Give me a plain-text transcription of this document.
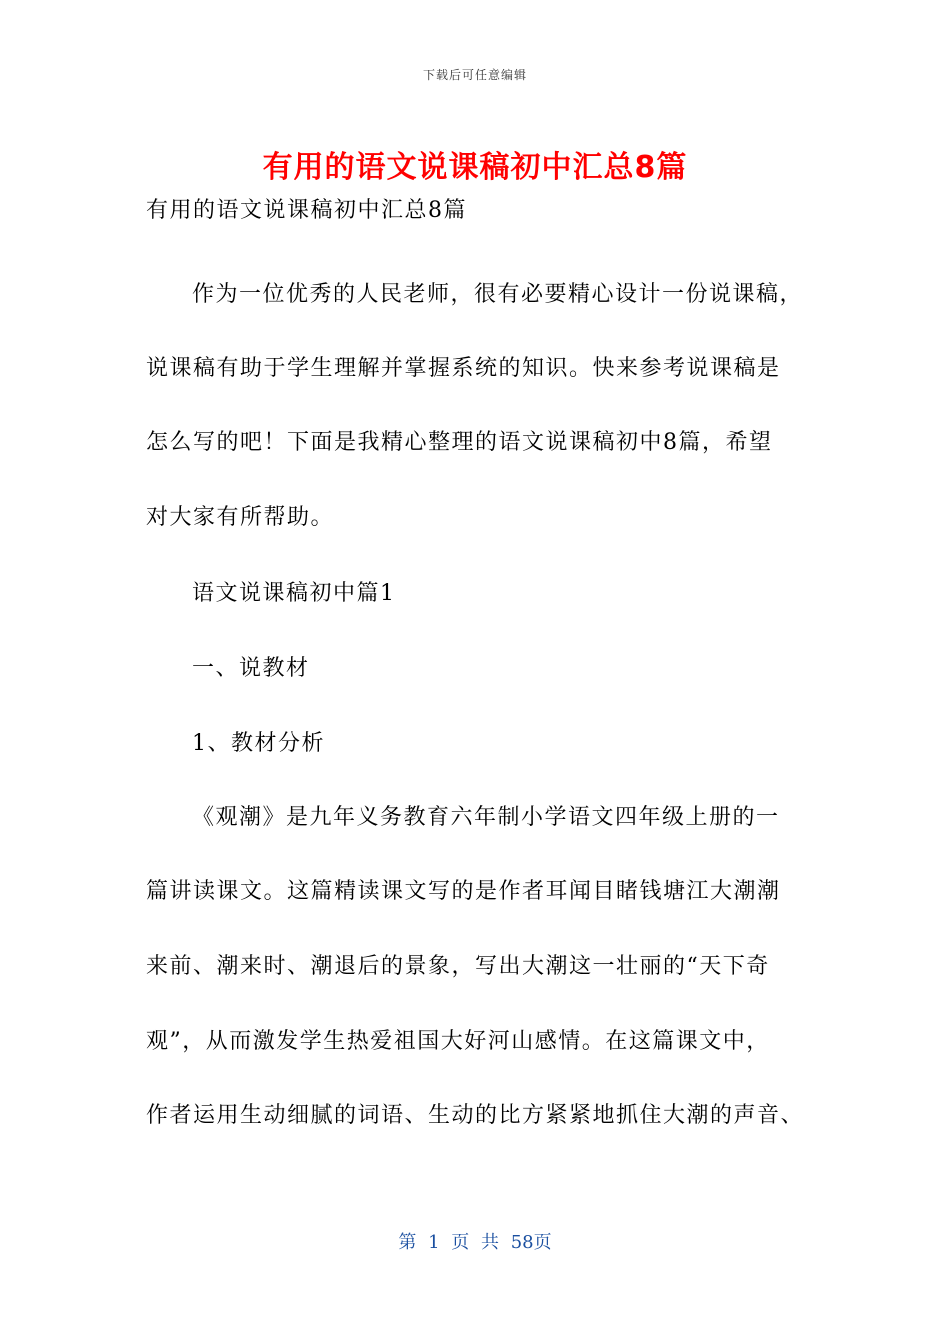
下载后可任意编辑
有用的语文说课稿初中汇总8篇
有用的语文说课稿初中汇总8篇
作为一位优秀的人民老师，很有必要精心设计一份说课稿，
说课稿有助于学生理解并掌握系统的知识。快来参考说课稿是
怎么写的吧！下面是我精心整理的语文说课稿初中8篇，希望
对大家有所帮助。
语文说课稿初中篇1
一、说教材
1、教材分析
《观潮》是九年义务教育六年制小学语文四年级上册的一
篇讲读课文。这篇精读课文写的是作者耳闻目睹钱塘江大潮潮
来前、潮来时、潮退后的景象，写出大潮这一壮丽的“天下奇
观”，从而激发学生热爱祖国大好河山感情。在这篇课文中，
作者运用生动细腻的词语、生动的比方紧紧地抓住大潮的声音、
第 1 页 共 58页
